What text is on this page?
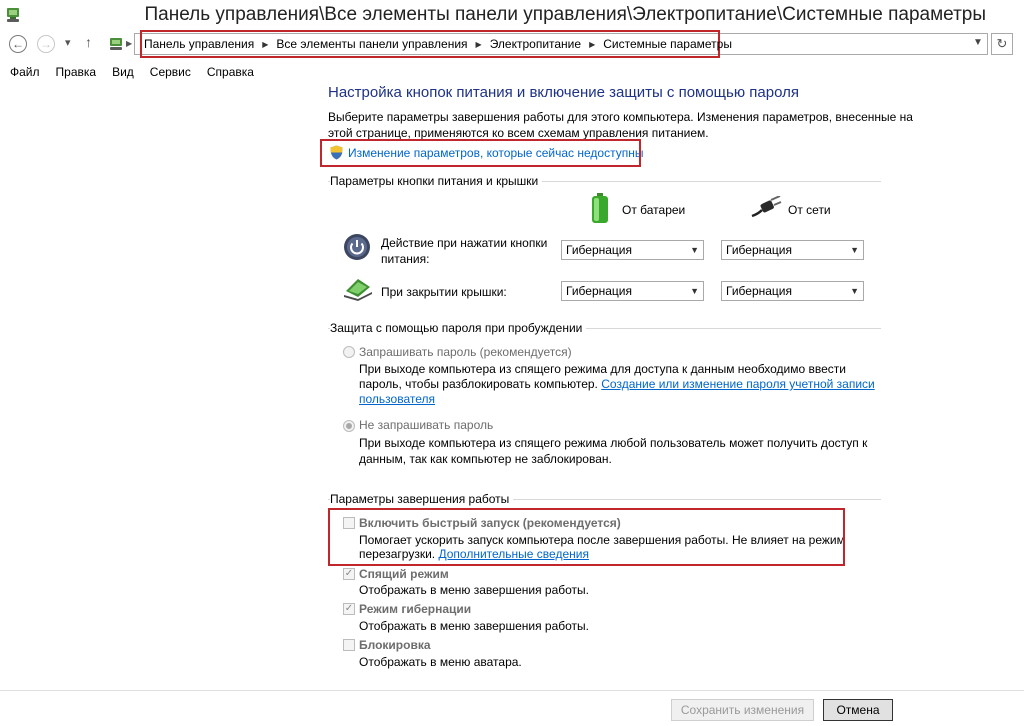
Панель управления\Все элементы панели управления\Электропитание\Системные параметры
← → ▾ ↑	▶	▼	↻
Панель управления ▶ Все элементы панели управления ▶ Электропитание ▶ Системные параметры
Файл	Правка	Вид	Сервис	Справка
Настройка кнопок питания и включение защиты с помощью пароля
Выберите параметры завершения работы для этого компьютера. Изменения параметров, внесенные на
этой странице, применяются ко всем схемам управления питанием.
Изменение параметров, которые сейчас недоступны
Параметры кнопки питания и крышки
От батареи	От сети
Действие при нажатии кнопки
питания:
Гибернация	▼ Гибернация	▼
При закрытии крышки:	Гибернация	▼ Гибернация	▼
Защита с помощью пароля при пробуждении
Запрашивать пароль (рекомендуется)
При выходе компьютера из спящего режима для доступа к данным необходимо ввести
пароль, чтобы разблокировать компьютер. Создание или изменение пароля учетной записи
пользователя
Не запрашивать пароль
При выходе компьютера из спящего режима любой пользователь может получить доступ к
данным, так как компьютер не заблокирован.
Параметры завершения работы
Включить быстрый запуск (рекомендуется)
Помогает ускорить запуск компьютера после завершения работы. Не влияет на режим
перезагрузки. Дополнительные сведения
✓ Спящий режим
Отображать в меню завершения работы.
✓ Режим гибернации
Отображать в меню завершения работы.
Блокировка
Отображать в меню аватара.
Сохранить изменения	Отмена
